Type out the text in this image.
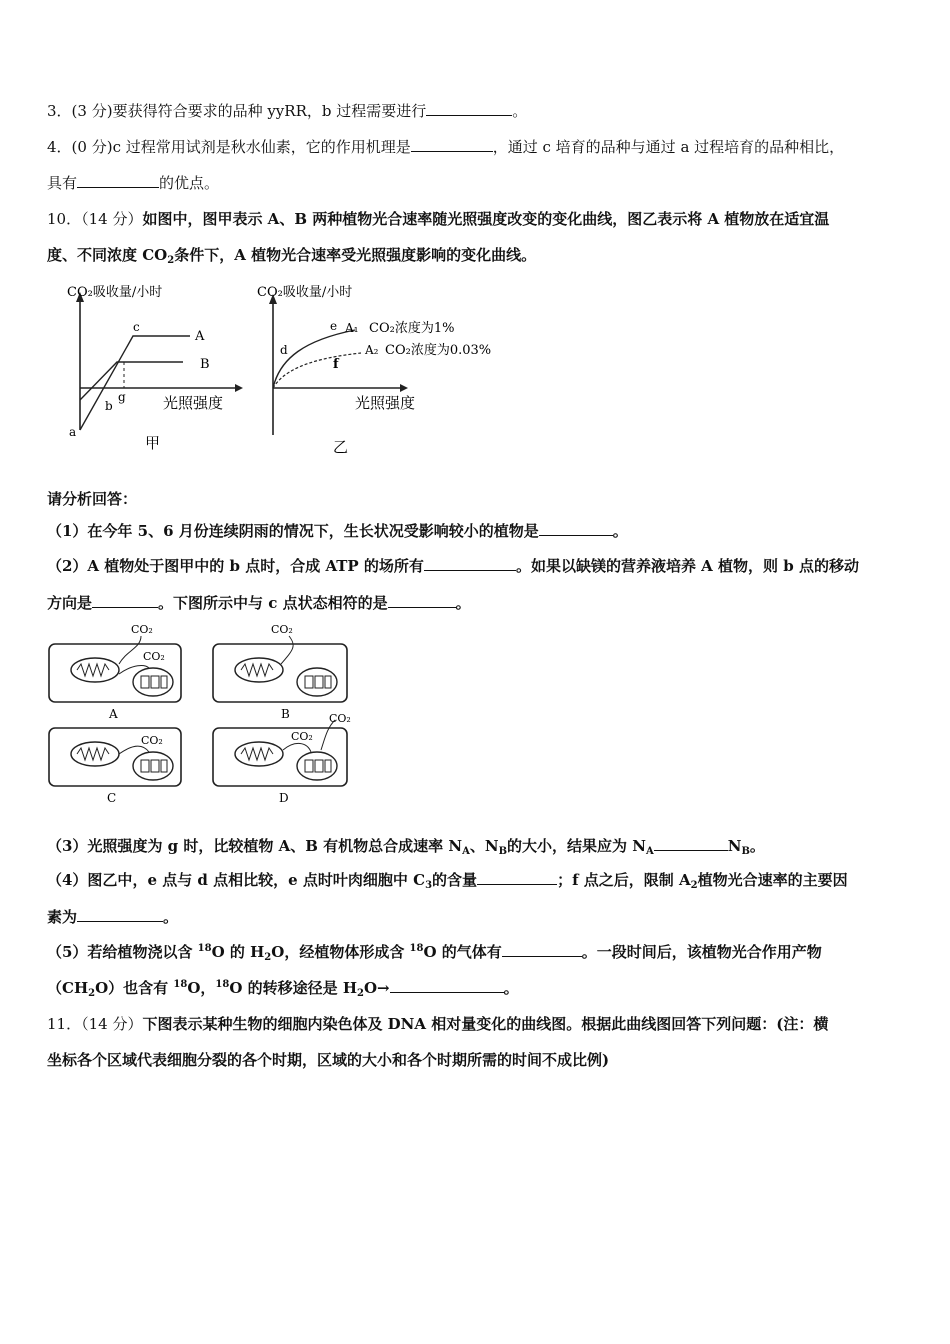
3．(3 分)要获得符合要求的品种 yyRR，b 过程需要进行	。
4．(0 分)c 过程常用试剂是秋水仙素，它的作用机理是	，通过 c 培育的品种与通过 a 过程培育的品种相比，
具有	的优点。
10．（14 分）如图中，图甲表示 A、B 两种植物光合速率随光照强度改变的变化曲线，图乙表示将 A 植物放在适宜温
度、不同浓度 $CO_2$条件下，A 植物光合速率受光照强度影响的变化曲线。
CO₂吸收量/小时
A
B
c
g
b
a
光照强度
甲
CO₂吸收量/小时
d
e
f
A₁ CO₂浓度为1%
A₂ CO₂浓度为0.03%
光照强度
乙
请分析回答：
（1）在今年 5、6 月份连续阴雨的情况下，生长状况受影响较小的植物是	。
（2）A 植物处于图甲中的 b 点时，合成 ATP 的场所有	。如果以缺镁的营养液培养 A 植物，则 b 点的移动
方向是	。下图所示中与 c 点状态相符的是	。
CO₂
CO₂
A
CO₂
B
CO₂
C
CO₂
CO₂
D
（3）光照强度为 g 时，比较植物 A、B 有机物总合成速率 $N_A$、$N_B$的大小，结果应为 $N_A$	$N_B$。
（4）图乙中，e 点与 d 点相比较，e 点时叶肉细胞中 $C_3$的含量	；f 点之后，限制 $A_2$植物光合速率的主要因
素为	。
（5）若给植物浇以含 $^{18}$O 的 $H_2O$，经植物体形成含 $^{18}$O 的气体有	。一段时间后，该植物光合作用产物
$(CH_2O)$也含有 $^{18}$O，$^{18}$O 的转移途径是 $H_2O\to$	。
11．（14 分）下图表示某种生物的细胞内染色体及 DNA 相对量变化的曲线图。根据此曲线图回答下列问题：(注：横
坐标各个区域代表细胞分裂的各个时期，区域的大小和各个时期所需的时间不成比例)
